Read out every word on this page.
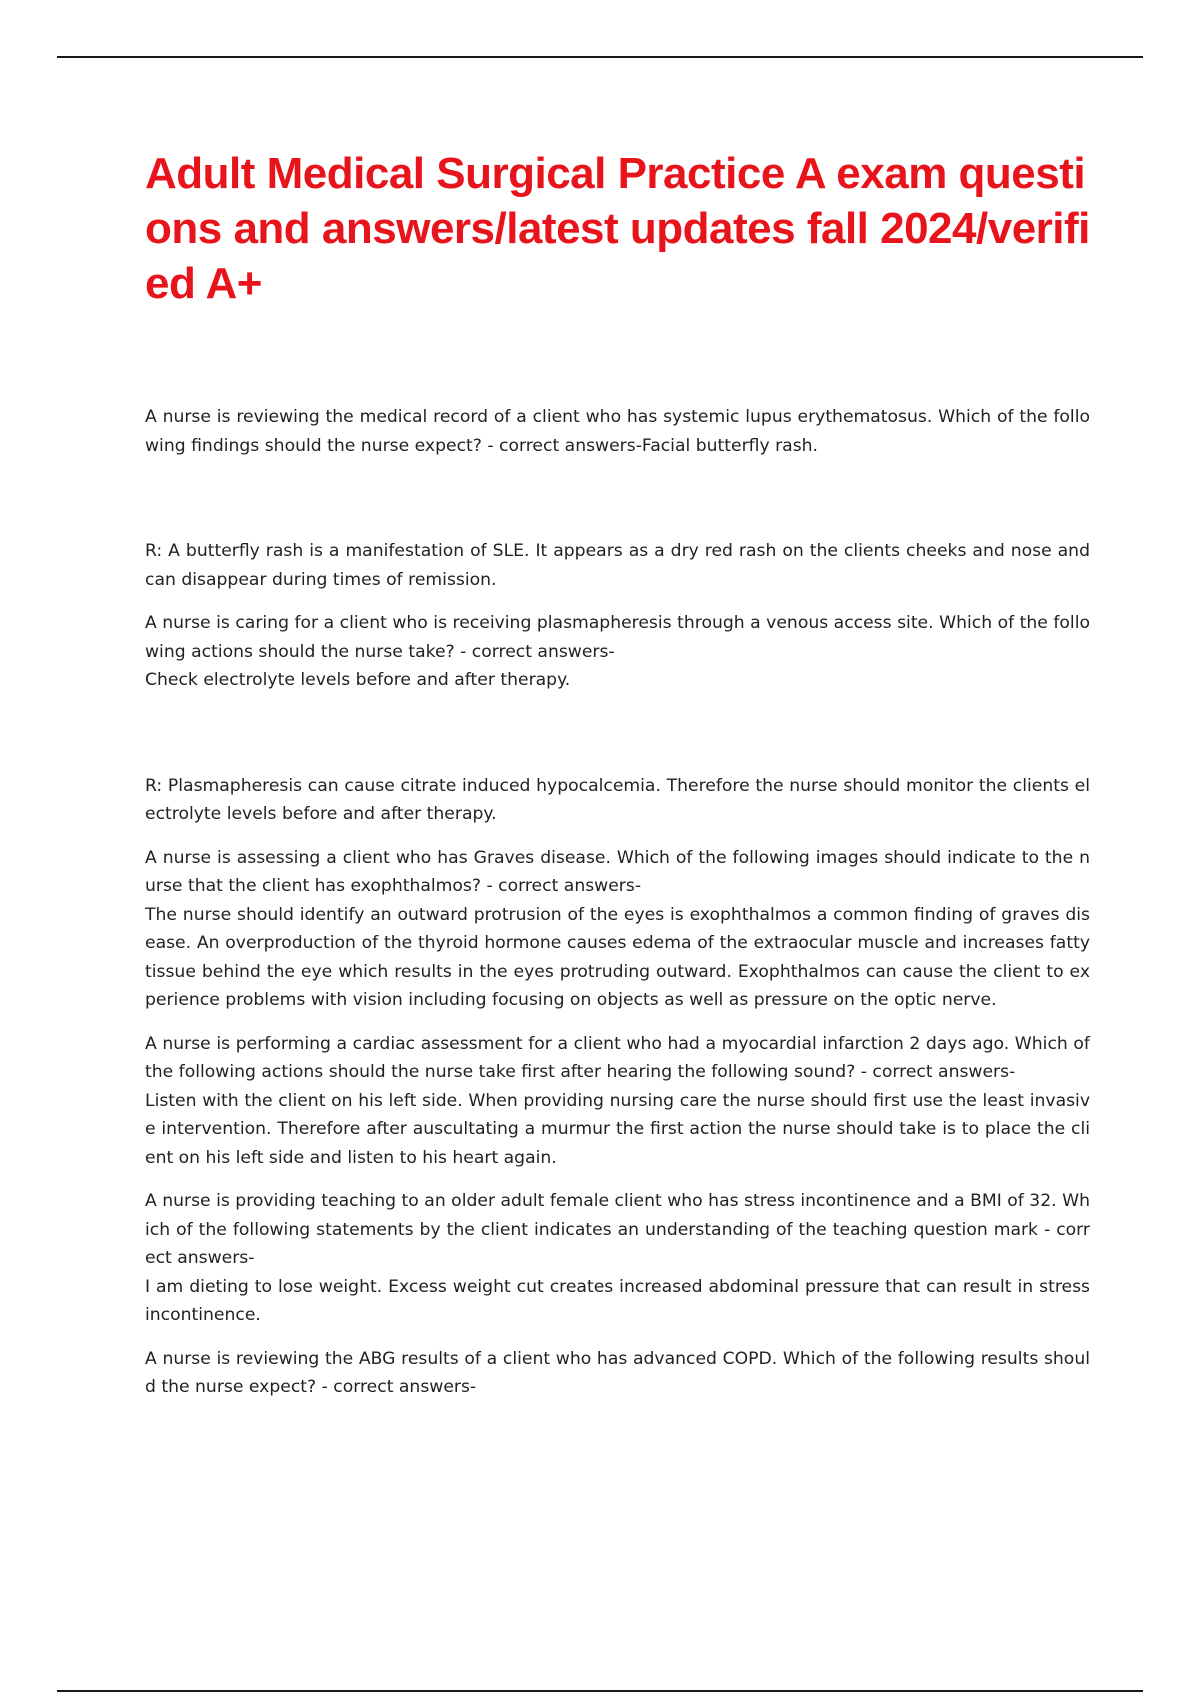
Adult Medical Surgical Practice A exam questions and answers/latest updates fall 2024/verified A+

A nurse is reviewing the medical record of a client who has systemic lupus erythematosus. Which of the following findings should the nurse expect? - correct answers-Facial butterfly rash.

R: A butterfly rash is a manifestation of SLE. It appears as a dry red rash on the clients cheeks and nose and can disappear during times of remission.

A nurse is caring for a client who is receiving plasmapheresis through a venous access site. Which of the following actions should the nurse take? - correct answers-

Check electrolyte levels before and after therapy.

R: Plasmapheresis can cause citrate induced hypocalcemia. Therefore the nurse should monitor the clients electrolyte levels before and after therapy.

A nurse is assessing a client who has Graves disease. Which of the following images should indicate to the nurse that the client has exophthalmos? - correct answers-

The nurse should identify an outward protrusion of the eyes is exophthalmos a common finding of graves disease. An overproduction of the thyroid hormone causes edema of the extraocular muscle and increases fatty tissue behind the eye which results in the eyes protruding outward. Exophthalmos can cause the client to experience problems with vision including focusing on objects as well as pressure on the optic nerve.

A nurse is performing a cardiac assessment for a client who had a myocardial infarction 2 days ago. Which of the following actions should the nurse take first after hearing the following sound? - correct answers-

Listen with the client on his left side. When providing nursing care the nurse should first use the least invasive intervention. Therefore after auscultating a murmur the first action the nurse should take is to place the client on his left side and listen to his heart again.

A nurse is providing teaching to an older adult female client who has stress incontinence and a BMI of 32. Which of the following statements by the client indicates an understanding of the teaching question mark - correct answers-

I am dieting to lose weight. Excess weight cut creates increased abdominal pressure that can result in stress incontinence.

A nurse is reviewing the ABG results of a client who has advanced COPD. Which of the following results should the nurse expect? - correct answers-
